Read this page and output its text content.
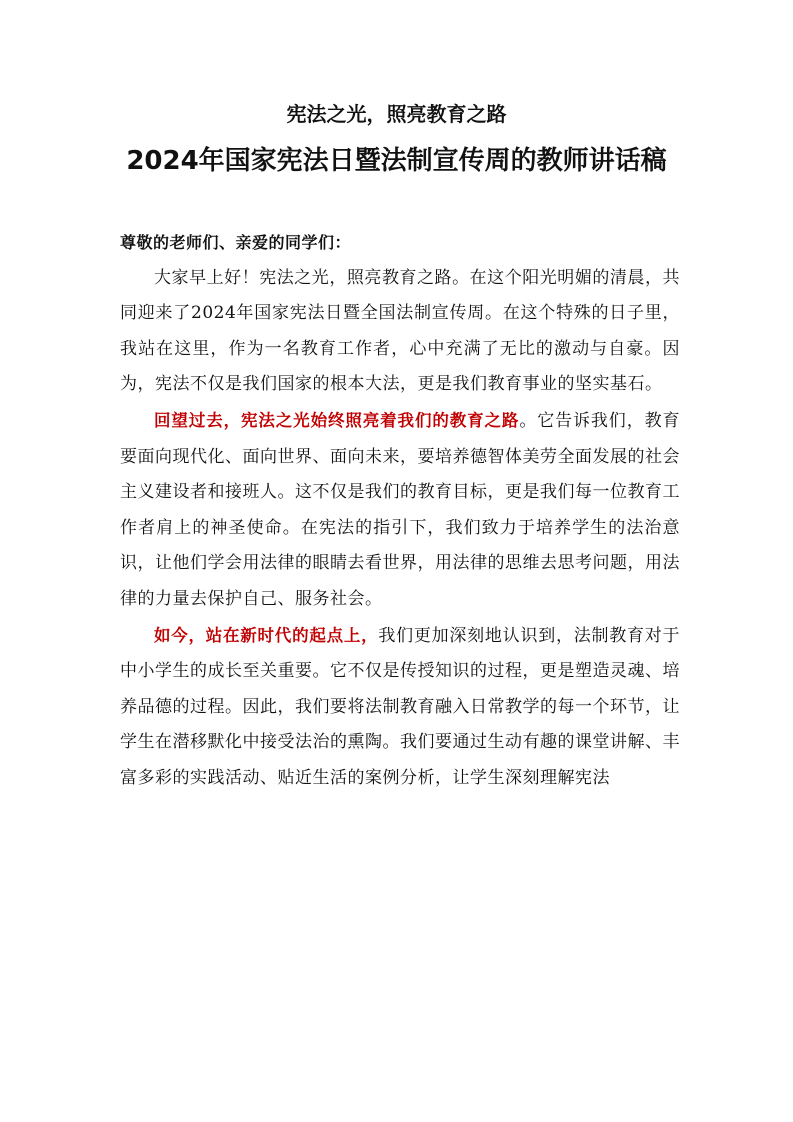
宪法之光，照亮教育之路
2024年国家宪法日暨法制宣传周的教师讲话稿

尊敬的老师们、亲爱的同学们：

大家早上好！宪法之光，照亮教育之路。在这个阳光明媚的清晨，共同迎来了2024年国家宪法日暨全国法制宣传周。在这个特殊的日子里，我站在这里，作为一名教育工作者，心中充满了无比的激动与自豪。因为，宪法不仅是我们国家的根本大法，更是我们教育事业的坚实基石。

回望过去，宪法之光始终照亮着我们的教育之路。它告诉我们，教育要面向现代化、面向世界、面向未来，要培养德智体美劳全面发展的社会主义建设者和接班人。这不仅是我们的教育目标，更是我们每一位教育工作者肩上的神圣使命。在宪法的指引下，我们致力于培养学生的法治意识，让他们学会用法律的眼睛去看世界，用法律的思维去思考问题，用法律的力量去保护自己、服务社会。

如今，站在新时代的起点上，我们更加深刻地认识到，法制教育对于中小学生的成长至关重要。它不仅是传授知识的过程，更是塑造灵魂、培养品德的过程。因此，我们要将法制教育融入日常教学的每一个环节，让学生在潜移默化中接受法治的熏陶。我们要通过生动有趣的课堂讲解、丰富多彩的实践活动、贴近生活的案例分析，让学生深刻理解宪法
